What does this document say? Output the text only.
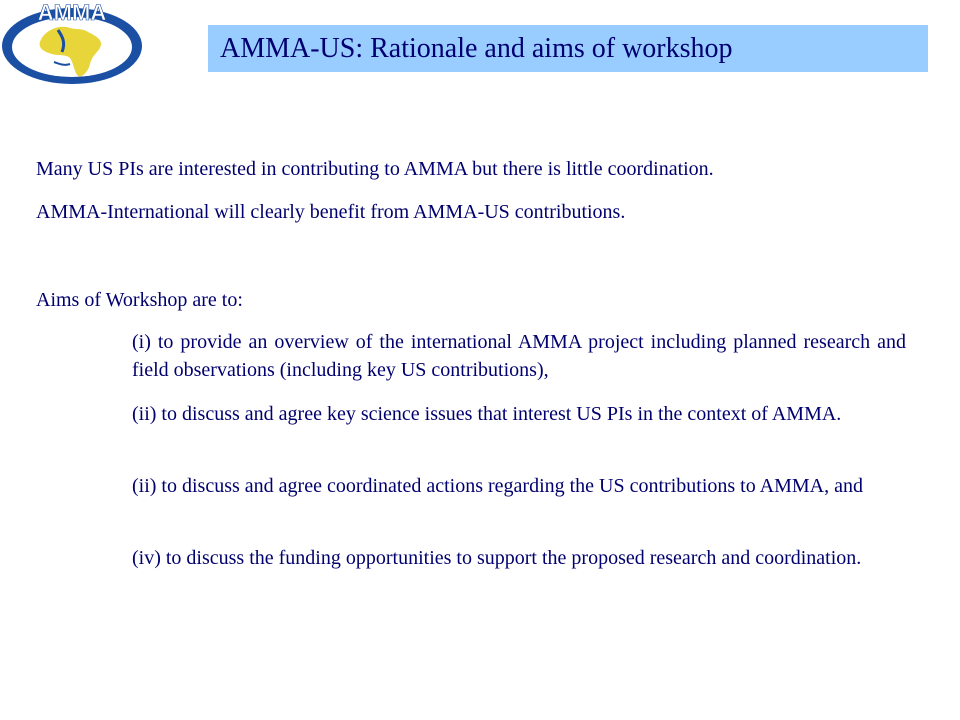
AMMA
AMMA-US: Rationale and aims of workshop
Many US PIs are interested in contributing to AMMA but there is little coordination.
AMMA-International will clearly benefit from AMMA-US contributions.
Aims of Workshop are to:
(i) to provide an overview of the international AMMA project including planned research and field observations (including key US contributions),
(ii) to discuss and agree key science issues that interest US PIs in the context of AMMA.
(ii) to discuss and agree coordinated actions regarding the US contributions to AMMA, and
(iv) to discuss the funding opportunities to support the proposed research and coordination.
